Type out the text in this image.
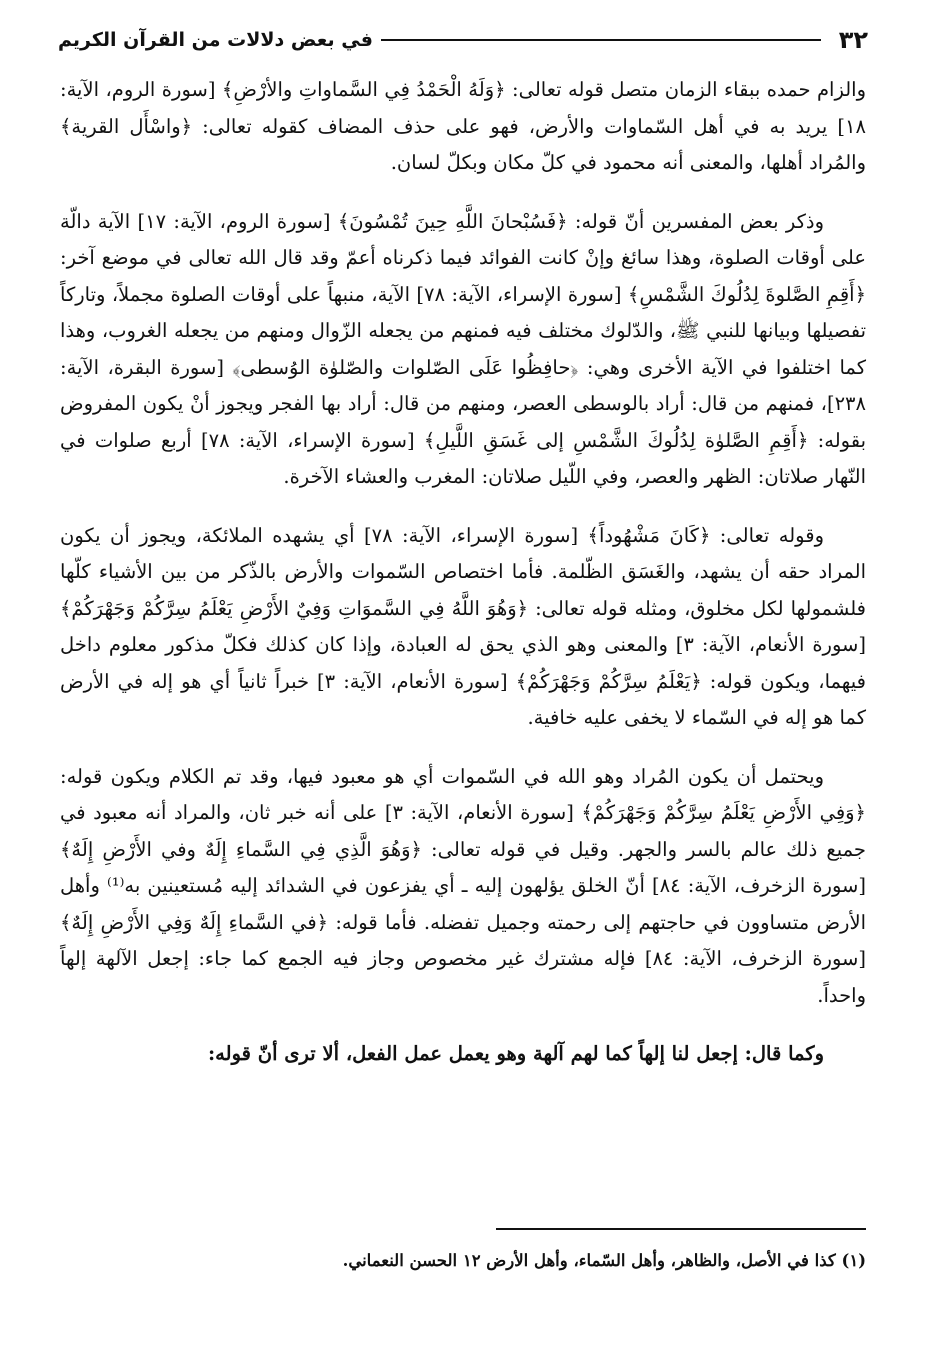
٣٢
في بعض دلالات من القرآن الكريم

والزام حمده ببقاء الزمان متصل قوله تعالى: ﴿وَلَهُ الْحَمْدُ فِي السَّماواتِ والأرْضِ﴾ [سورة الروم، الآية: ١٨] يريد به في أهل السّماوات والأرض، فهو على حذف المضاف كقوله تعالى: ﴿واسْأَل القرية﴾ والمُراد أهلها، والمعنى أنه محمود في كلّ مكان وبكلّ لسان.

وذكر بعض المفسرين أنّ قوله: ﴿فَسُبْحانَ اللَّهِ حِينَ تُمْسُونَ﴾ [سورة الروم، الآية: ١٧] الآية دالّة على أوقات الصلوة، وهذا سائغ وإنْ كانت الفوائد فيما ذكرناه أعمّ وقد قال الله تعالى في موضع آخر: ﴿أَقِمِ الصَّلوةَ لِدُلُوكَ الشَّمْسِ﴾ [سورة الإسراء، الآية: ٧٨] الآية، منبهاً على أوقات الصلوة مجملاً، وتاركاً تفصيلها وبيانها للنبي ﷺ، والدّلوك مختلف فيه فمنهم من يجعله الزّوال ومنهم من يجعله الغروب، وهذا كما اختلفوا في الآية الأخرى وهي: ﴿حافِظُوا عَلَى الصّلوات والصّلوٰة الوُسطى﴾ [سورة البقرة، الآية: ٢٣٨]، فمنهم من قال: أراد بالوسطى العصر، ومنهم من قال: أراد بها الفجر ويجوز أنْ يكون المفروض بقوله: ﴿أَقِمِ الصَّلوٰة لِدُلُوكَ الشَّمْسِ إلى غَسَقِ اللَّيلِ﴾ [سورة الإسراء، الآية: ٧٨] أربع صلوات في النّهار صلاتان: الظهر والعصر، وفي اللّيل صلاتان: المغرب والعشاء الآخرة.

وقوله تعالى: ﴿كَانَ مَشْهُوداً﴾ [سورة الإسراء، الآية: ٧٨] أي يشهده الملائكة، ويجوز أن يكون المراد حقه أن يشهد، والغَسَق الظّلمة. فأما اختصاص السّموات والأرض بالذّكر من بين الأشياء كلّها فلشمولها لكل مخلوق، ومثله قوله تعالى: ﴿وَهُوَ اللَّهُ فِي السَّموَاتِ وَفِيٌ الأَرْضِ يَعْلَمُ سِرَّكُمْ وَجَهْرَكُمْ﴾ [سورة الأنعام، الآية: ٣] والمعنى وهو الذي يحق له العبادة، وإذا كان كذلك فكلّ مذكور معلوم داخل فيهما، ويكون قوله: ﴿يَعْلَمُ سِرَّكُمْ وَجَهْرَكُمْ﴾ [سورة الأنعام، الآية: ٣] خبراً ثانياً أي هو إله في الأرض كما هو إله في السّماء لا يخفى عليه خافية.

ويحتمل أن يكون المُراد وهو الله في السّموات أي هو معبود فيها، وقد تم الكلام ويكون قوله: ﴿وَفِي الأَرْضِ يَعْلَمُ سِرَّكُمْ وَجَهْرَكُمْ﴾ [سورة الأنعام، الآية: ٣] على أنه خبر ثان، والمراد أنه معبود في جميع ذلك عالم بالسر والجهر. وقيل في قوله تعالى: ﴿وَهُوَ الَّذِي فِي السَّماءِ إِلَهٌ وفي الأَرْضِ إِلَهٌ﴾ [سورة الزخرف، الآية: ٨٤] أنّ الخلق يؤلهون إليه ـ أي يفزعون في الشدائد إليه مُستعينين به⁽¹⁾ وأهل الأرض متساوون في حاجتهم إلى رحمته وجميل تفضله. فأما قوله: ﴿في السَّماءِ إِلَهٌ وَفِي الأَرْضِ إِلَهٌ﴾ [سورة الزخرف، الآية: ٨٤] فإله مشترك غير مخصوص وجاز فيه الجمع كما جاء: إجعل الآلهة إلهاً واحداً.

وكما قال: إجعل لنا إلهاً كما لهم آلهة وهو يعمل عمل الفعل، ألا ترى أنّ قوله:

(١) كذا في الأصل، والظاهر، وأهل السّماء، وأهل الأرض ١٢ الحسن النعماني.
